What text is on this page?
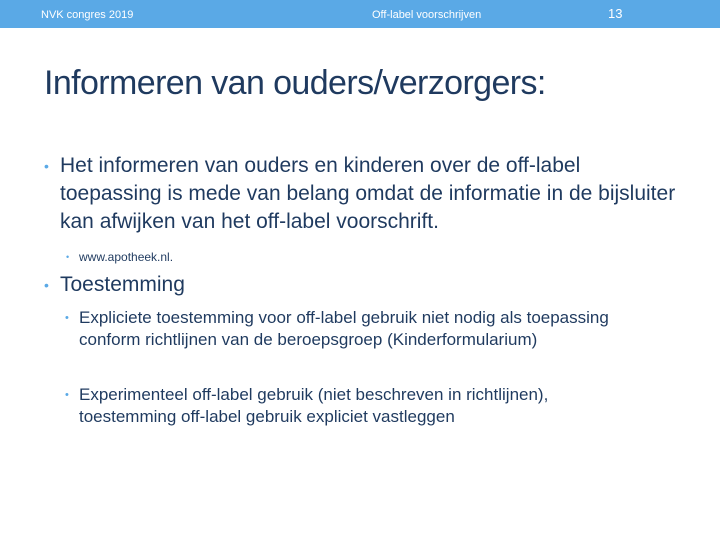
NVK congres 2019	Off-label voorschrijven	13
Informeren van ouders/verzorgers:
• Het informeren van ouders en kinderen over de off-label toepassing is mede van belang omdat de informatie in de bijsluiter kan afwijken van het off-label voorschrift.
• www.apotheek.nl.
• Toestemming
• Expliciete toestemming voor off-label gebruik niet nodig als toepassing conform richtlijnen van de beroepsgroep (Kinderformularium)
• Experimenteel off-label gebruik (niet beschreven in richtlijnen), toestemming off-label gebruik expliciet vastleggen
